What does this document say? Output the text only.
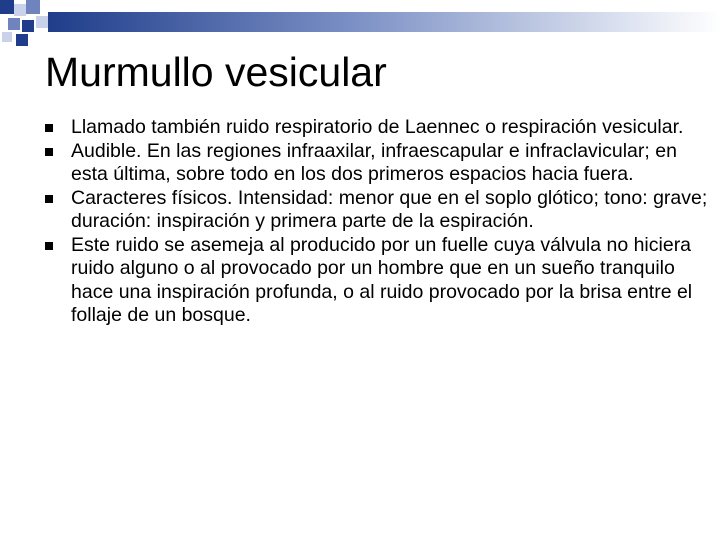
Murmullo vesicular
Llamado también ruido respiratorio de Laennec o respiración vesicular.
Audible. En las regiones infraaxilar, infraescapular e infraclavicular; en esta última, sobre todo en los dos primeros espacios hacia fuera.
Caracteres físicos. Intensidad: menor que en el soplo glótico; tono: grave; duración: inspiración y primera parte de la espiración.
Este ruido se asemeja al producido por un fuelle cuya válvula no hiciera ruido alguno o al provocado por un hombre que en un sueño tranquilo hace una inspiración profunda, o al ruido provocado por la brisa entre el follaje de un bosque.
